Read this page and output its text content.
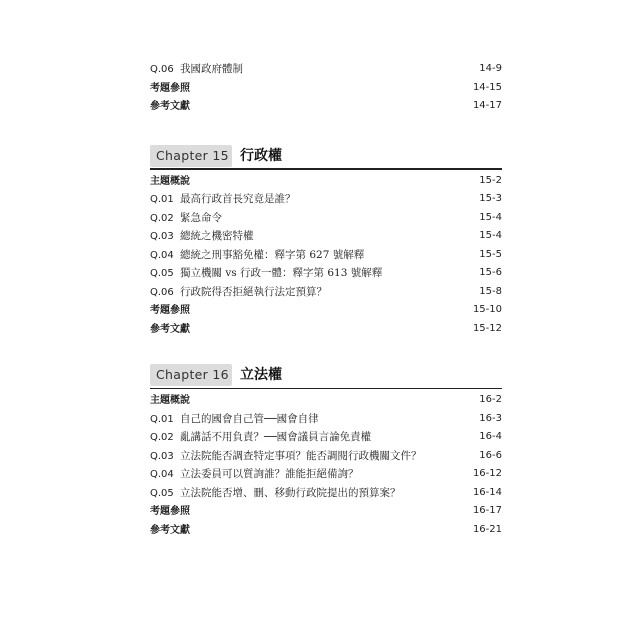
Q.06 我國政府體制	14-9
考題參照	14-15
參考文獻	14-17
Chapter 15 行政權
主題概說	15-2
Q.01 最高行政首長究竟是誰？	15-3
Q.02 緊急命令	15-4
Q.03 總統之機密特權	15-4
Q.04 總統之刑事豁免權：釋字第 627 號解釋	15-5
Q.05 獨立機關 vs 行政一體：釋字第 613 號解釋	15-6
Q.06 行政院得否拒絕執行法定預算？	15-8
考題參照	15-10
參考文獻	15-12
Chapter 16 立法權
主題概說	16-2
Q.01 自己的國會自己管──國會自律	16-3
Q.02 亂講話不用負責？──國會議員言論免責權	16-4
Q.03 立法院能否調查特定事項？能否調閱行政機關文件？	16-6
Q.04 立法委員可以質詢誰？誰能拒絕備詢？	16-12
Q.05 立法院能否增、刪、移動行政院提出的預算案？	16-14
考題參照	16-17
參考文獻	16-21
